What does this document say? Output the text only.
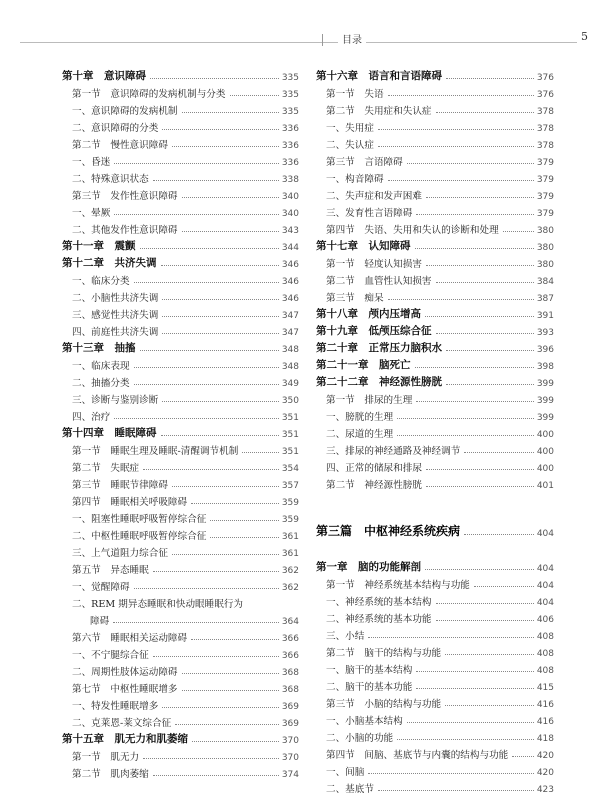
目录	5
第十章　意识障碍	335
第一节　意识障碍的发病机制与分类	335
一、意识障碍的发病机制	335
二、意识障碍的分类	336
第二节　慢性意识障碍	336
一、昏迷	336
二、特殊意识状态	338
第三节　发作性意识障碍	340
一、晕厥	340
二、其他发作性意识障碍	343
第十一章　震颤	344
第十二章　共济失调	346
一、临床分类	346
二、小脑性共济失调	346
三、感觉性共济失调	347
四、前庭性共济失调	347
第十三章　抽搐	348
一、临床表现	348
二、抽搐分类	349
三、诊断与鉴别诊断	350
四、治疗	351
第十四章　睡眠障碍	351
第一节　睡眠生理及睡眠-清醒调节机制	351
第二节　失眠症	354
第三节　睡眠节律障碍	357
第四节　睡眠相关呼吸障碍	359
一、阻塞性睡眠呼吸暂停综合征	359
二、中枢性睡眠呼吸暂停综合征	361
三、上气道阻力综合征	361
第五节　异态睡眠	362
一、觉醒障碍	362
二、REM 期异态睡眠和快动眼睡眠行为
障碍	364
第六节　睡眠相关运动障碍	366
一、不宁腿综合征	366
二、周期性肢体运动障碍	368
第七节　中枢性睡眠增多	368
一、特发性睡眠增多	369
二、克莱恩-莱文综合征	369
第十五章　肌无力和肌萎缩	370
第一节　肌无力	370
第二节　肌肉萎缩	374
第十六章　语言和言语障碍	376
第一节　失语	376
第二节　失用症和失认症	378
一、失用症	378
二、失认症	378
第三节　言语障碍	379
一、构音障碍	379
二、失声症和发声困难	379
三、发育性言语障碍	379
第四节　失语、失用和失认的诊断和处理	380
第十七章　认知障碍	380
第一节　轻度认知损害	380
第二节　血管性认知损害	384
第三节　痴呆	387
第十八章　颅内压增高	391
第十九章　低颅压综合征	393
第二十章　正常压力脑积水	396
第二十一章　脑死亡	398
第二十二章　神经源性膀胱	399
第一节　排尿的生理	399
一、膀胱的生理	399
二、尿道的生理	400
三、排尿的神经通路及神经调节	400
四、正常的储尿和排尿	400
第二节　神经源性膀胱	401
第三篇　中枢神经系统疾病	404
第一章　脑的功能解剖	404
第一节　神经系统基本结构与功能	404
一、神经系统的基本结构	404
二、神经系统的基本功能	406
三、小结	408
第二节　脑干的结构与功能	408
一、脑干的基本结构	408
二、脑干的基本功能	415
第三节　小脑的结构与功能	416
一、小脑基本结构	416
二、小脑的功能	418
第四节　间脑、基底节与内囊的结构与功能	420
一、间脑	420
二、基底节	423
